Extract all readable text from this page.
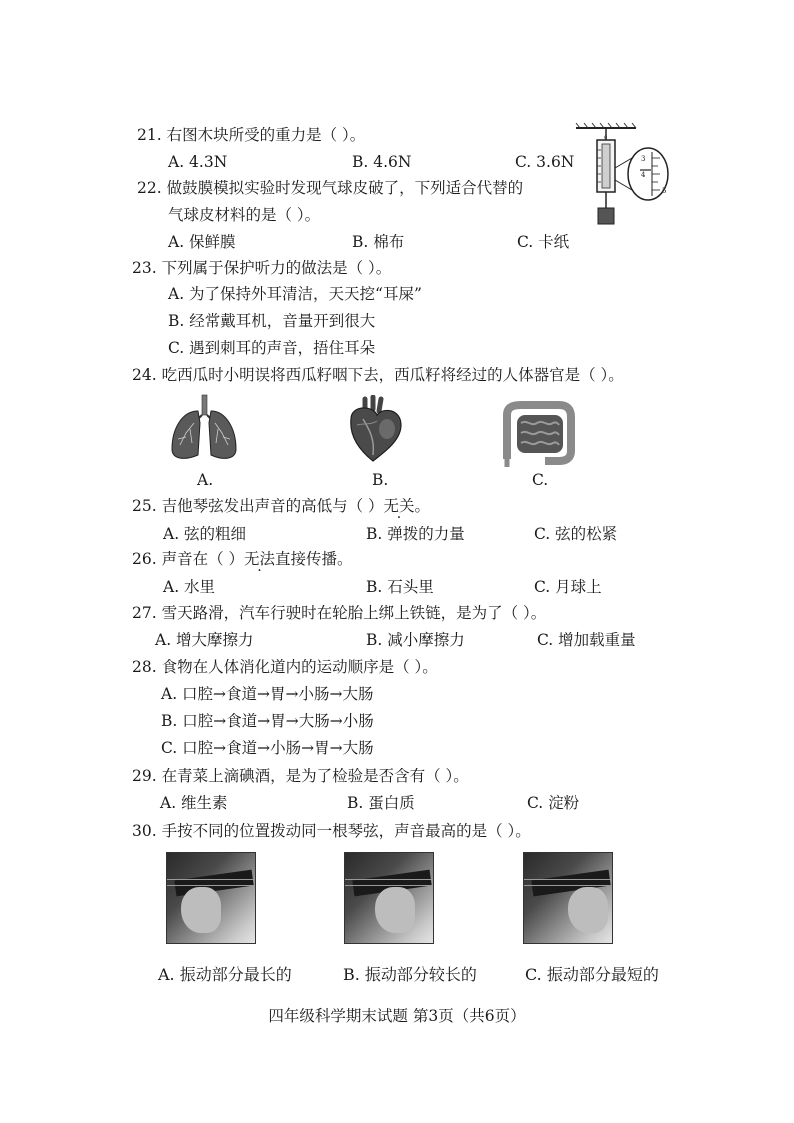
21. 右图木块所受的重力是（ ）。
A. 4.3N	B. 4.6N	C. 3.6N	3
4
5
0
22. 做鼓膜模拟实验时发现气球皮破了，下列适合代替的
气球皮材料的是（ ）。
A. 保鲜膜	B. 棉布	C. 卡纸
23. 下列属于保护听力的做法是（ ）。
A. 为了保持外耳清洁，天天挖“耳屎”
B. 经常戴耳机，音量开到很大
C. 遇到刺耳的声音，捂住耳朵
24. 吃西瓜时小明误将西瓜籽咽下去，西瓜籽将经过的人体器官是（ ）。
A.	B.	C.
25. 吉他琴弦发出声音的高低与（ ）无关。
A. 弦的粗细	B. 弹拨的力量	C. 弦的松紧
26. 声音在（ ）无法直接传播。
A. 水里	B. 石头里	C. 月球上
27. 雪天路滑，汽车行驶时在轮胎上绑上铁链，是为了（ ）。
A. 增大摩擦力	B. 减小摩擦力	C. 增加载重量
28. 食物在人体消化道内的运动顺序是（ ）。
A. 口腔→食道→胃→小肠→大肠
B. 口腔→食道→胃→大肠→小肠
C. 口腔→食道→小肠→胃→大肠
29. 在青菜上滴碘酒，是为了检验是否含有（ ）。
A. 维生素	B. 蛋白质	C. 淀粉
30. 手按不同的位置拨动同一根琴弦，声音最高的是（ ）。
A. 振动部分最长的	B. 振动部分较长的	C. 振动部分最短的
四年级科学期末试题 第3页（共6页）
